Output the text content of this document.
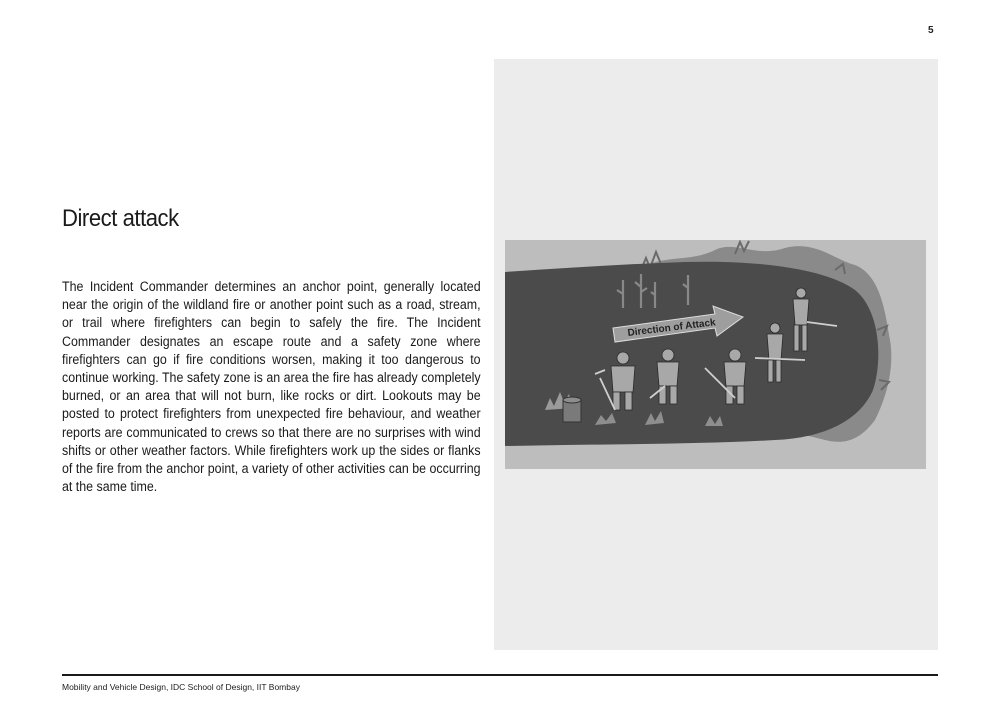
5
Direct attack

The Incident Commander determines an anchor point, generally located near the origin of the wildland fire or another point such as a road, stream, or trail where firefighters can begin to safely the fire. The Incident Commander designates an escape route and a safety zone where firefighters can go if fire conditions worsen, making it too dangerous to continue working. The safety zone is an area the fire has already completely burned, or an area that will not burn, like rocks or dirt. Lookouts may be posted to protect firefighters from unexpected fire behaviour, and weather reports are communicated to crews so that there are no surprises with wind shifts or other weather factors. While firefighters work up the sides or flanks of the fire from the anchor point, a variety of other activities can be occurring at the same time.

Direction of Attack
Mobility and Vehicle Design, IDC School of Design, IIT Bombay
